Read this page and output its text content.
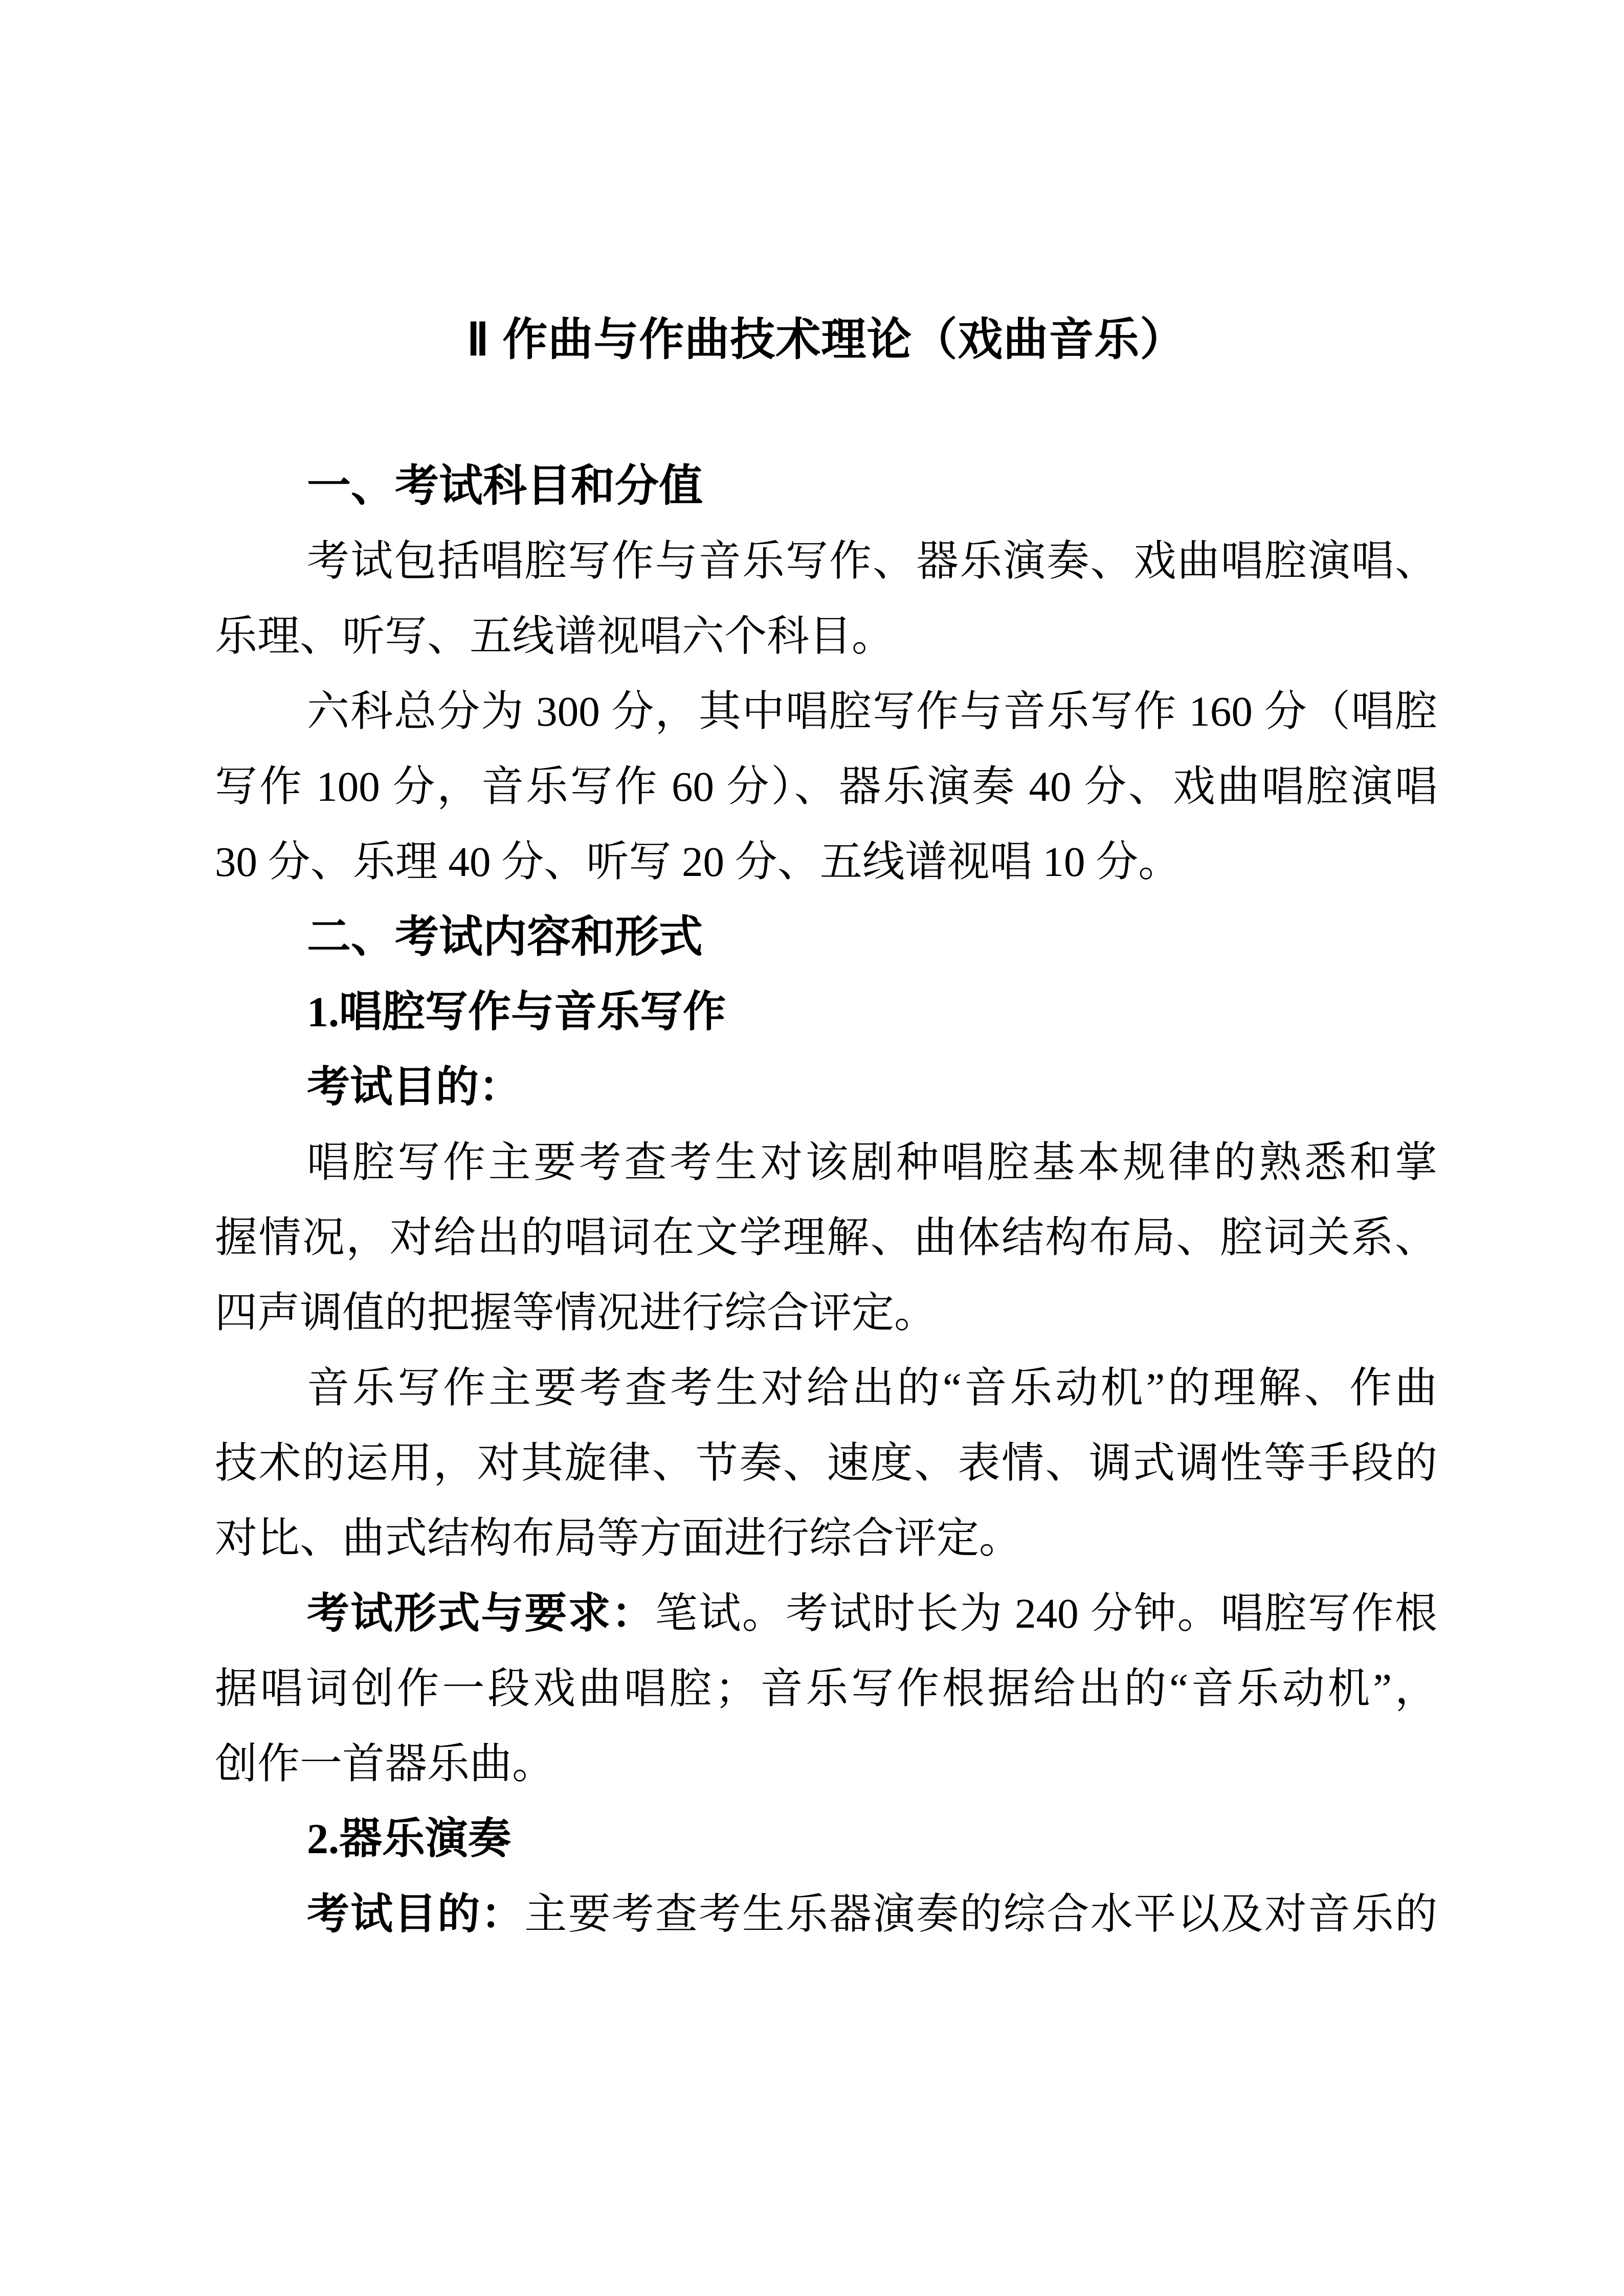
Ⅱ 作曲与作曲技术理论（戏曲音乐）
一、考试科目和分值
考试包括唱腔写作与音乐写作、器乐演奏、戏曲唱腔演唱、
乐理、听写、五线谱视唱六个科目。
六科总分为 300 分，其中唱腔写作与音乐写作 160 分（唱腔
写作 100 分，音乐写作 60 分）、器乐演奏 40 分、戏曲唱腔演唱
30 分、乐理 40 分、听写 20 分、五线谱视唱 10 分。
二、考试内容和形式
1.唱腔写作与音乐写作
考试目的：
唱腔写作主要考查考生对该剧种唱腔基本规律的熟悉和掌
握情况，对给出的唱词在文学理解、曲体结构布局、腔词关系、
四声调值的把握等情况进行综合评定。
音乐写作主要考查考生对给出的“音乐动机”的理解、作曲
技术的运用，对其旋律、节奏、速度、表情、调式调性等手段的
对比、曲式结构布局等方面进行综合评定。
考试形式与要求：笔试。考试时长为 240 分钟。唱腔写作根
据唱词创作一段戏曲唱腔；音乐写作根据给出的“音乐动机”，
创作一首器乐曲。
2.器乐演奏
考试目的：主要考查考生乐器演奏的综合水平以及对音乐的
